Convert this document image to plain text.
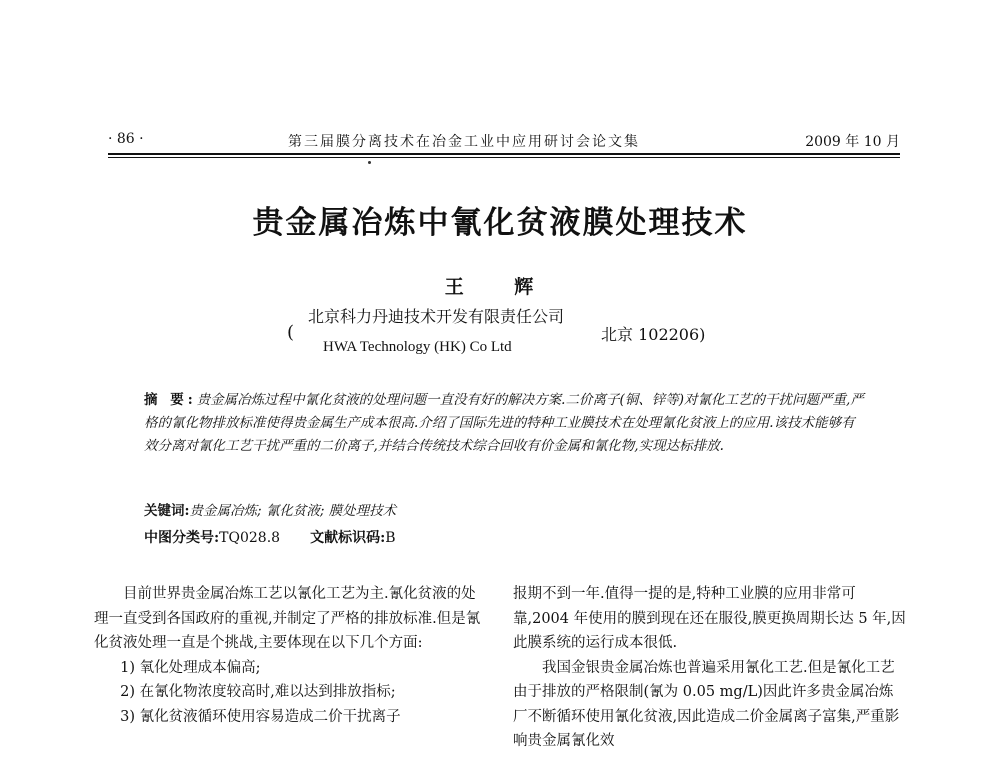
· 86 ·	第三届膜分离技术在冶金工业中应用研讨会论文集	2009 年 10 月
贵金属冶炼中氰化贫液膜处理技术
王 辉
(
北京科力丹迪技术开发有限责任公司
HWA Technology (HK) Co Ltd
北京 102206)
摘 要:贵金属冶炼过程中氰化贫液的处理问题一直没有好的解决方案.二价离子(铜、锌等)对氰化工艺的干扰问题严重,严格的氰化物排放标准使得贵金属生产成本很高.介绍了国际先进的特种工业膜技术在处理氰化贫液上的应用.该技术能够有效分离对氰化工艺干扰严重的二价离子,并结合传统技术综合回收有价金属和氰化物,实现达标排放.
关键词:贵金属冶炼; 氰化贫液; 膜处理技术
中图分类号:TQ028.8 文献标识码:B

目前世界贵金属冶炼工艺以氰化工艺为主.氰化贫液的处理一直受到各国政府的重视,并制定了严格的排放标准.但是氰化贫液处理一直是个挑战,主要体现在以下几个方面:

1) 氧化处理成本偏高;

2) 在氰化物浓度较高时,难以达到排放指标;

3) 氰化贫液循环使用容易造成二价干扰离子

报期不到一年.值得一提的是,特种工业膜的应用非常可靠,2004 年使用的膜到现在还在服役,膜更换周期长达 5 年,因此膜系统的运行成本很低.

我国金银贵金属冶炼也普遍采用氰化工艺.但是氰化工艺由于排放的严格限制(氰为 0.05 mg/L)因此许多贵金属冶炼厂不断循环使用氰化贫液,因此造成二价金属离子富集,严重影响贵金属氰化效
